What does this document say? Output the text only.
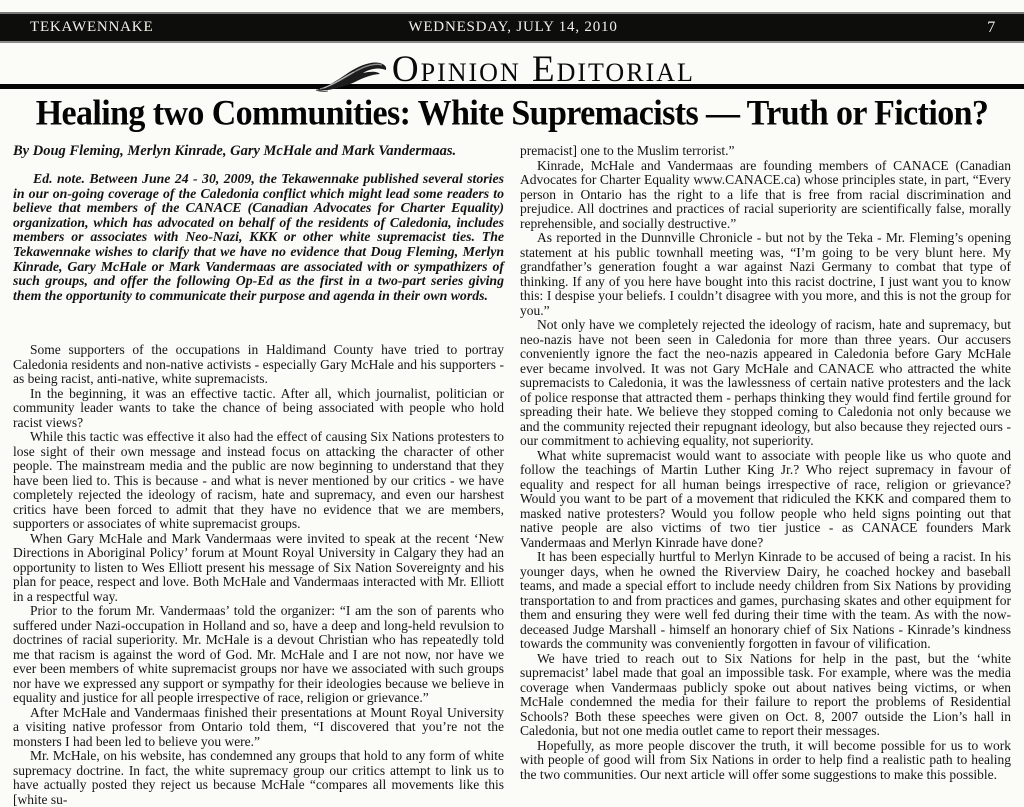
TEKAWENNAKE	WEDNESDAY, JULY 14, 2010	7
Opinion Editorial
Healing two Communities: White Supremacists — Truth or Fiction?

By Doug Fleming, Merlyn Kinrade, Gary McHale and Mark Vandermaas.

Ed. note. Between June 24 - 30, 2009, the Tekawennake published several stories in our on-going coverage of the Caledonia conflict which might lead some readers to believe that members of the CANACE (Canadian Advocates for Charter Equality) organization, which has advocated on behalf of the residents of Caledonia, includes members or associates with Neo-Nazi, KKK or other white supremacist ties. The Tekawennake wishes to clarify that we have no evidence that Doug Fleming, Merlyn Kinrade, Gary McHale or Mark Vandermaas are associated with or sympathizers of such groups, and offer the following Op-Ed as the first in a two-part series giving them the opportunity to communicate their purpose and agenda in their own words.

Some supporters of the occupations in Haldimand County have tried to portray Caledonia residents and non-native activists - especially Gary McHale and his supporters - as being racist, anti-native, white supremacists.

In the beginning, it was an effective tactic. After all, which journalist, politician or community leader wants to take the chance of being associated with people who hold racist views?

While this tactic was effective it also had the effect of causing Six Nations protesters to lose sight of their own message and instead focus on attacking the character of other people. The mainstream media and the public are now beginning to understand that they have been lied to. This is because - and what is never mentioned by our critics - we have completely rejected the ideology of racism, hate and supremacy, and even our harshest critics have been forced to admit that they have no evidence that we are members, supporters or associates of white supremacist groups.

When Gary McHale and Mark Vandermaas were invited to speak at the recent ‘New Directions in Aboriginal Policy’ forum at Mount Royal University in Calgary they had an opportunity to listen to Wes Elliott present his message of Six Nation Sovereignty and his plan for peace, respect and love. Both McHale and Vandermaas interacted with Mr. Elliott in a respectful way.

Prior to the forum Mr. Vandermaas’ told the organizer: “I am the son of parents who suffered under Nazi-occupation in Holland and so, have a deep and long-held revulsion to doctrines of racial superiority. Mr. McHale is a devout Christian who has repeatedly told me that racism is against the word of God. Mr. McHale and I are not now, nor have we ever been members of white supremacist groups nor have we associated with such groups nor have we expressed any support or sympathy for their ideologies because we believe in equality and justice for all people irrespective of race, religion or grievance.”

After McHale and Vandermaas finished their presentations at Mount Royal University a visiting native professor from Ontario told them, “I discovered that you’re not the monsters I had been led to believe you were.”

Mr. McHale, on his website, has condemned any groups that hold to any form of white supremacy doctrine. In fact, the white supremacy group our critics attempt to link us to have actually posted they reject us because McHale “compares all movements like this [white su-

premacist] one to the Muslim terrorist.”

Kinrade, McHale and Vandermaas are founding members of CANACE (Canadian Advocates for Charter Equality www.CANACE.ca) whose principles state, in part, “Every person in Ontario has the right to a life that is free from racial discrimination and prejudice. All doctrines and practices of racial superiority are scientifically false, morally reprehensible, and socially destructive.”

As reported in the Dunnville Chronicle - but not by the Teka - Mr. Fleming’s opening statement at his public townhall meeting was, “I’m going to be very blunt here. My grandfather’s generation fought a war against Nazi Germany to combat that type of thinking. If any of you here have bought into this racist doctrine, I just want you to know this: I despise your beliefs. I couldn’t disagree with you more, and this is not the group for you.”

Not only have we completely rejected the ideology of racism, hate and supremacy, but neo-nazis have not been seen in Caledonia for more than three years. Our accusers conveniently ignore the fact the neo-nazis appeared in Caledonia before Gary McHale ever became involved. It was not Gary McHale and CANACE who attracted the white supremacists to Caledonia, it was the lawlessness of certain native protesters and the lack of police response that attracted them - perhaps thinking they would find fertile ground for spreading their hate. We believe they stopped coming to Caledonia not only because we and the community rejected their repugnant ideology, but also because they rejected ours - our commitment to achieving equality, not superiority.

What white supremacist would want to associate with people like us who quote and follow the teachings of Martin Luther King Jr.? Who reject supremacy in favour of equality and respect for all human beings irrespective of race, religion or grievance? Would you want to be part of a movement that ridiculed the KKK and compared them to masked native protesters? Would you follow people who held signs pointing out that native people are also victims of two tier justice - as CANACE founders Mark Vandermaas and Merlyn Kinrade have done?

It has been especially hurtful to Merlyn Kinrade to be accused of being a racist. In his younger days, when he owned the Riverview Dairy, he coached hockey and baseball teams, and made a special effort to include needy children from Six Nations by providing transportation to and from practices and games, purchasing skates and other equipment for them and ensuring they were well fed during their time with the team. As with the now-deceased Judge Marshall - himself an honorary chief of Six Nations - Kinrade’s kindness towards the community was conveniently forgotten in favour of vilification.

We have tried to reach out to Six Nations for help in the past, but the ‘white supremacist’ label made that goal an impossible task. For example, where was the media coverage when Vandermaas publicly spoke out about natives being victims, or when McHale condemned the media for their failure to report the problems of Residential Schools? Both these speeches were given on Oct. 8, 2007 outside the Lion’s hall in Caledonia, but not one media outlet came to report their messages.

Hopefully, as more people discover the truth, it will become possible for us to work with people of good will from Six Nations in order to help find a realistic path to healing the two communities. Our next article will offer some suggestions to make this possible.
